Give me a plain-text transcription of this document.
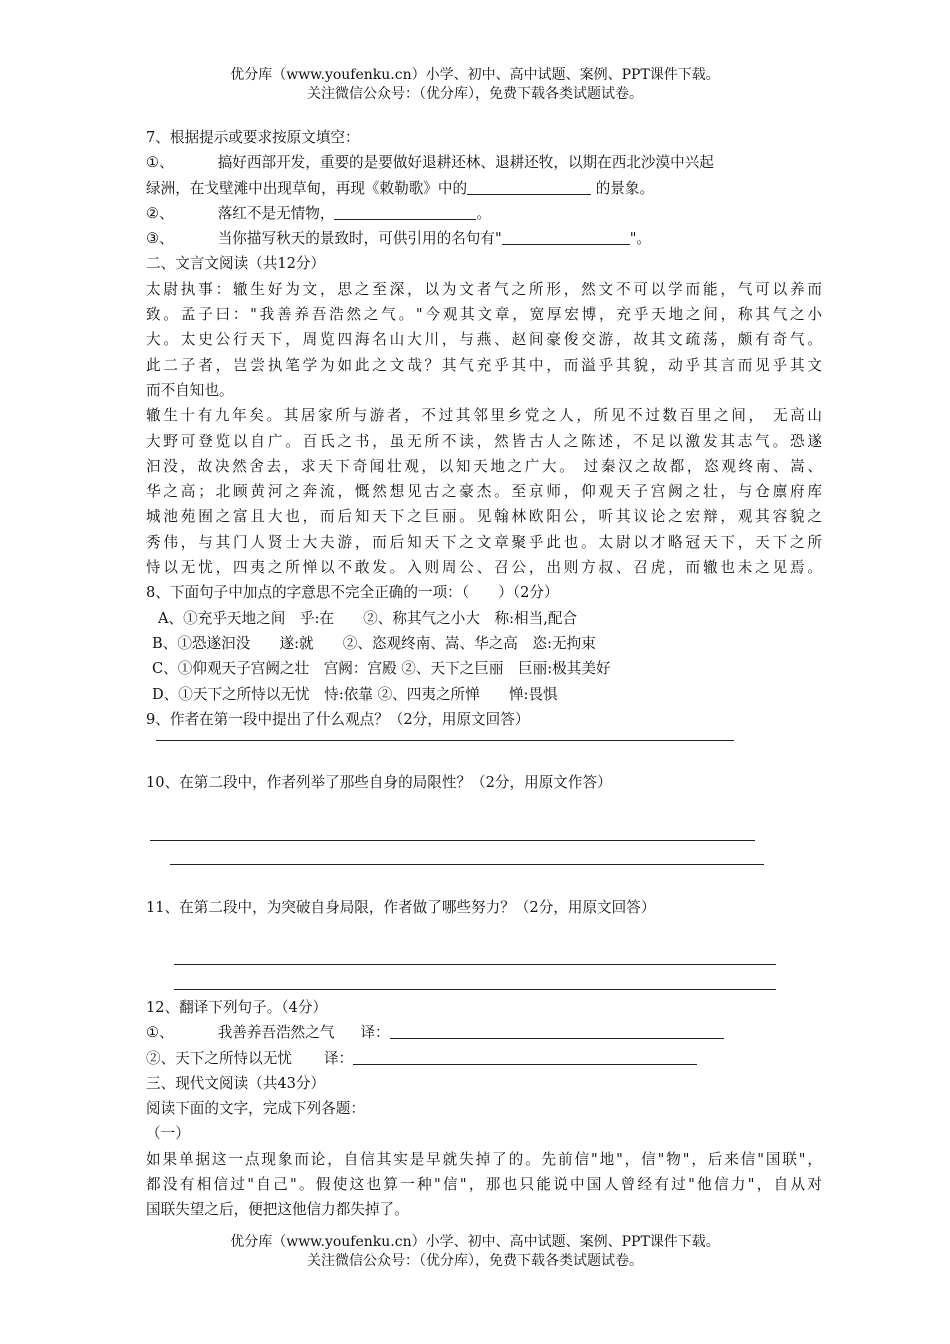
优分库（www.youfenku.cn）小学、初中、高中试题、案例、PPT课件下载。
关注微信公众号：（优分库），免费下载各类试题试卷。
7、根据提示或要求按原文填空：
①、	搞好西部开发，重要的是要做好退耕还林、退耕还牧，以期在西北沙漠中兴起
绿洲，在戈壁滩中出现草甸，再现《敕勒歌》中的	的景象。
②、	落红不是无情物，	。
③、	当你描写秋天的景致时，可供引用的名句有"	"。
二、文言文阅读（共12分）
太尉执事：辙生好为文，思之至深，以为文者气之所形，然文不可以学而能，气可以养而
致。孟子曰："我善养吾浩然之气。"今观其文章，宽厚宏博，充乎天地之间，称其气之小
大。太史公行天下，周览四海名山大川，与燕、赵间豪俊交游，故其文疏荡，颇有奇气。
此二子者，岂尝执笔学为如此之文哉？其气充乎其中，而溢乎其貌，动乎其言而见乎其文
而不自知也。
辙生十有九年矣。其居家所与游者，不过其邻里乡党之人，所见不过数百里之间， 无高山
大野可登览以自广。百氏之书，虽无所不读，然皆古人之陈述，不足以激发其志气。恐遂
汩没，故决然舍去，求天下奇闻壮观，以知天地之广大。 过秦汉之故都，恣观终南、嵩、
华之高；北顾黄河之奔流，慨然想见古之豪杰。至京师，仰观天子宫阙之壮，与仓廪府库
城池苑囿之富且大也，而后知天下之巨丽。见翰林欧阳公，听其议论之宏辩，观其容貌之
秀伟，与其门人贤士大夫游，而后知天下之文章聚乎此也。太尉以才略冠天下，天下之所
恃以无忧，四夷之所惮以不敢发。入则周公、召公，出则方叔、召虎，而辙也未之见焉。
8、下面句子中加点的字意思不完全正确的一项：（　　）（2分）
A、①充乎天地之间　乎:在　　②、称其气之小大　称:相当,配合
B、①恐遂汩没　　遂:就　　②、恣观终南、嵩、华之高　恣:无拘束
C、①仰观天子宫阙之壮　宫阙：宫殿 ②、天下之巨丽　巨丽:极其美好
D、①天下之所恃以无忧　恃:依靠 ②、四夷之所惮　　惮:畏惧
9、作者在第一段中提出了什么观点？（2分，用原文回答）
10、在第二段中，作者列举了那些自身的局限性？（2分，用原文作答）
11、在第二段中，为突破自身局限，作者做了哪些努力？（2分，用原文回答）
12、翻译下列句子。（4分）
①、	我善养吾浩然之气 译：
②、天下之所恃以无忧 译：
三、现代文阅读（共43分）
阅读下面的文字，完成下列各题：
（一）
如果单据这一点现象而论，自信其实是早就失掉了的。先前信"地"，信"物"，后来信"国联"，
都没有相信过"自己"。假使这也算一种"信"，那也只能说中国人曾经有过"他信力"，自从对
国联失望之后，便把这他信力都失掉了。
优分库（www.youfenku.cn）小学、初中、高中试题、案例、PPT课件下载。
关注微信公众号：（优分库），免费下载各类试题试卷。
